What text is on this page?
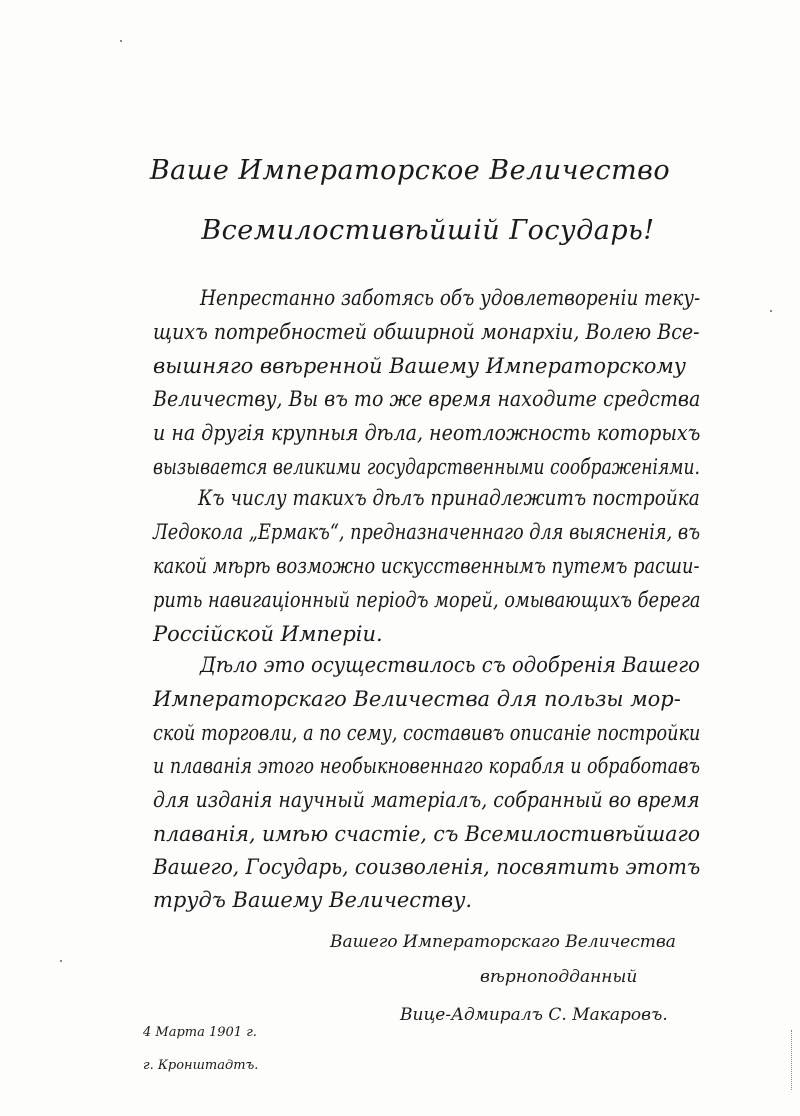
Ваше Императорское Величество
Всемилостивѣйшій Государь!
Непрестанно заботясь объ удовлетвореніи теку-
щихъ потребностей обширной монархіи, Волею Все-
вышняго ввѣренной Вашему Императорскому
Величеству, Вы въ то же время находите средства
и на другія крупныя дѣла, неотложность которыхъ
вызывается великими государственными соображеніями.
Къ числу такихъ дѣлъ принадлежитъ постройка
Ледокола „Ермакъ“, предназначеннаго для выясненія, въ
какой мѣрѣ возможно искусственнымъ путемъ расши-
рить навигаціонный періодъ морей, омывающихъ берега
Россійской Имперіи.
Дѣло это осуществилось съ одобренія Вашего
Императорскаго Величества для пользы мор-
ской торговли, а по сему, составивъ описаніе постройки
и плаванія этого необыкновеннаго корабля и обработавъ
для изданія научный матеріалъ, собранный во время
плаванія, имѣю счастіе, съ Всемилостивѣйшаго
Вашего, Государь, соизволенія, посвятить этотъ
трудъ Вашему Величеству.
Вашего Императорскаго Величества
вѣрноподданный
Вице-Адмиралъ С. Макаровъ.
4 Марта 1901 г.
г. Кронштадтъ.
